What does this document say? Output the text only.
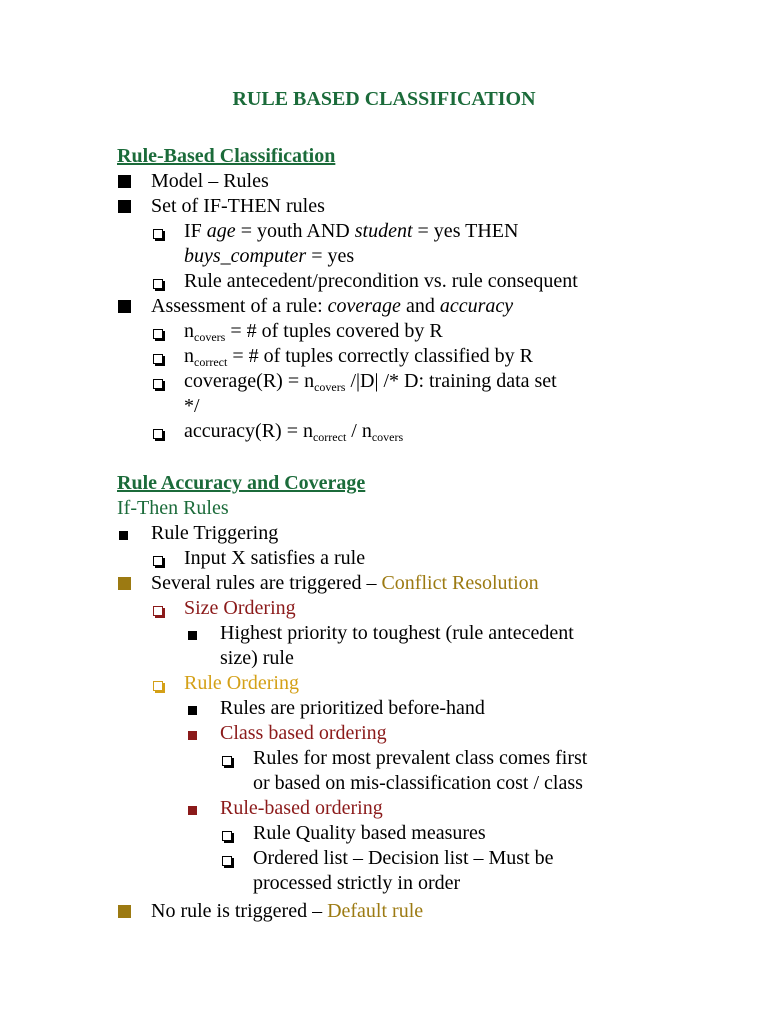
RULE BASED CLASSIFICATION
Rule-Based Classification
Model – Rules
Set of IF-THEN rules
IF age = youth AND student = yes THEN
buys_computer = yes
Rule antecedent/precondition vs. rule consequent
Assessment of a rule: coverage and accuracy
$n_{covers}$ = # of tuples covered by R
$n_{correct}$ = # of tuples correctly classified by R
coverage(R) = $n_{covers}$ /|D| /* D: training data set
*/
accuracy(R) = $n_{correct} / n_{covers}$
Rule Accuracy and Coverage
If-Then Rules
Rule Triggering
Input X satisfies a rule
Several rules are triggered – Conflict Resolution
Size Ordering
Highest priority to toughest (rule antecedent
size) rule
Rule Ordering
Rules are prioritized before-hand
Class based ordering
Rules for most prevalent class comes first
or based on mis-classification cost / class
Rule-based ordering
Rule Quality based measures
Ordered list – Decision list – Must be
processed strictly in order
No rule is triggered – Default rule
